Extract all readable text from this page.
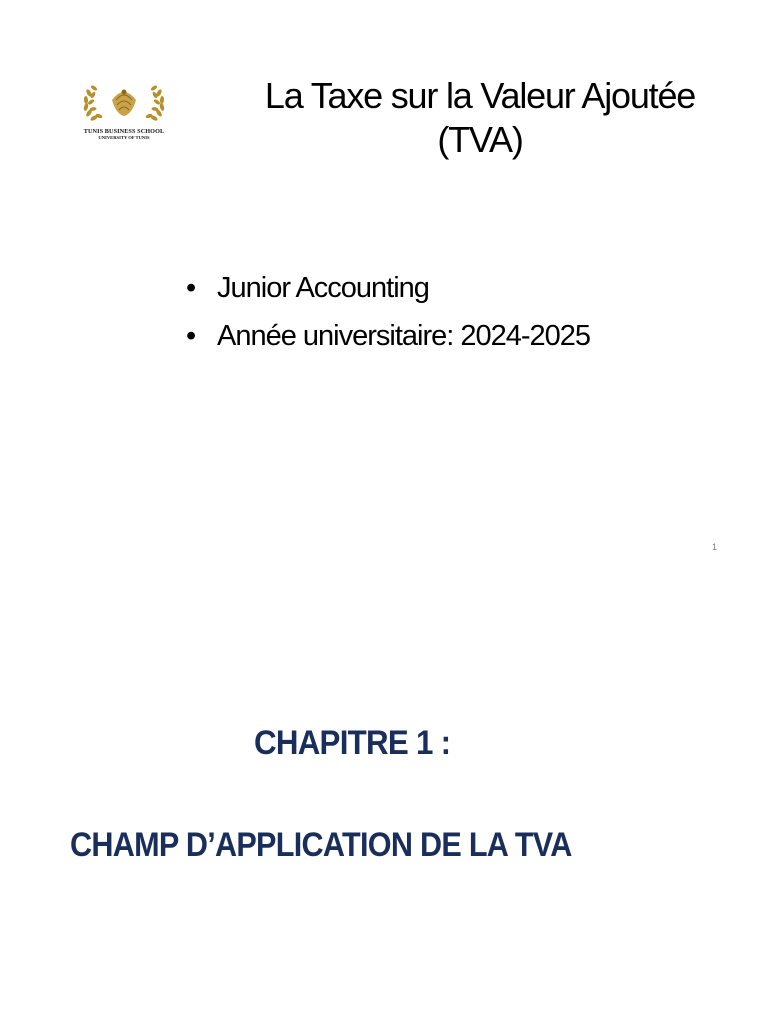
TUNIS BUSINESS SCHOOL
UNIVERSITY OF TUNIS
La Taxe sur la Valeur Ajoutée
(TVA)
• Junior Accounting
• Année universitaire: 2024-2025
1
CHAPITRE 1 :
CHAMP D’APPLICATION DE LA TVA
